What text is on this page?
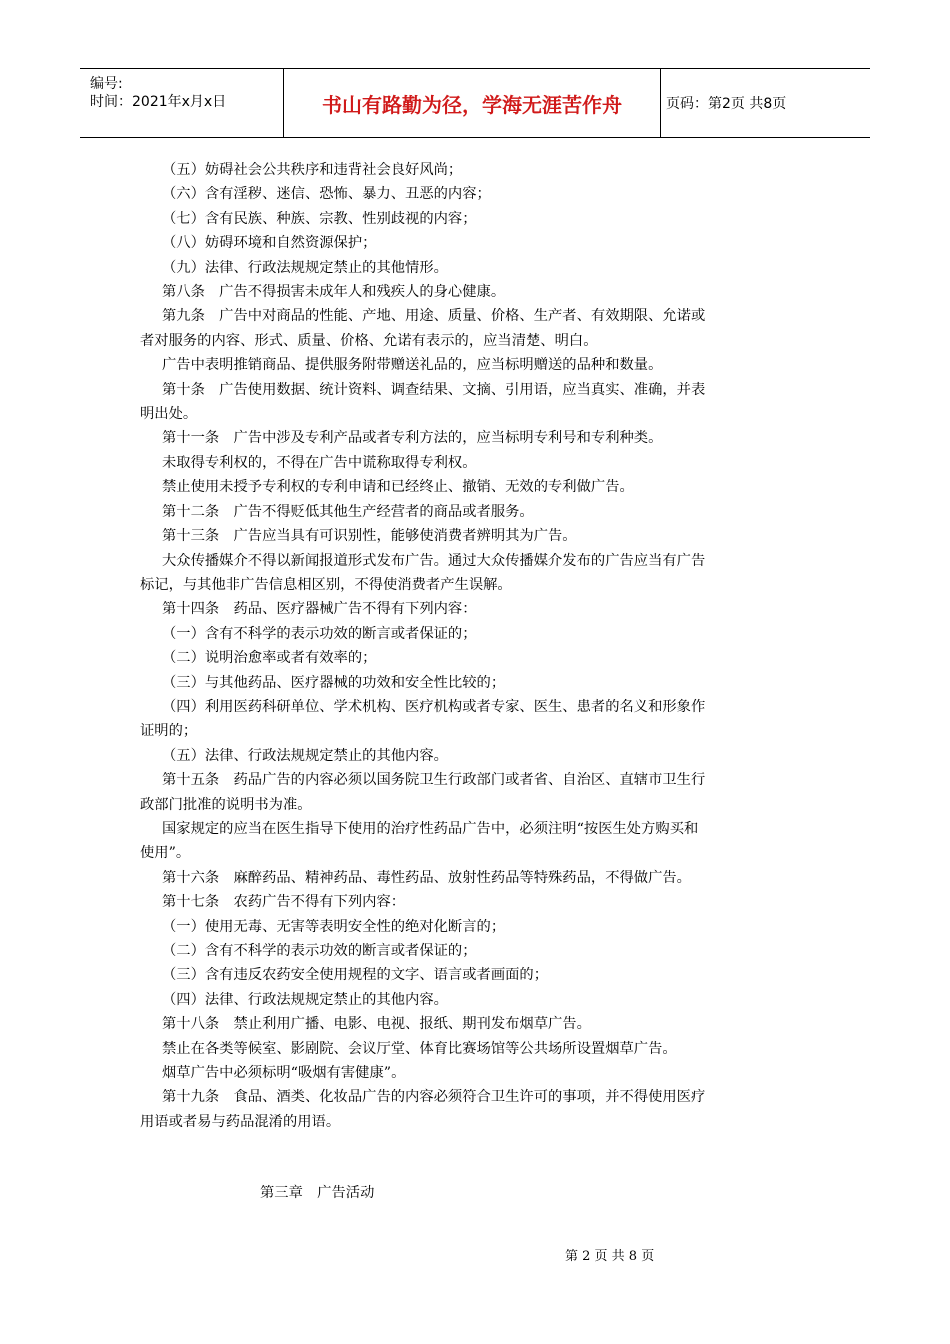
编号:
时间：2021年x月x日	书山有路勤为径，学海无涯苦作舟	页码：第2页 共8页
（五）妨碍社会公共秩序和违背社会良好风尚；
（六）含有淫秽、迷信、恐怖、暴力、丑恶的内容；
（七）含有民族、种族、宗教、性别歧视的内容；
（八）妨碍环境和自然资源保护；
（九）法律、行政法规规定禁止的其他情形。
第八条　广告不得损害未成年人和残疾人的身心健康。
第九条　广告中对商品的性能、产地、用途、质量、价格、生产者、有效期限、允诺或
者对服务的内容、形式、质量、价格、允诺有表示的，应当清楚、明白。
广告中表明推销商品、提供服务附带赠送礼品的，应当标明赠送的品种和数量。
第十条　广告使用数据、统计资料、调查结果、文摘、引用语，应当真实、准确，并表
明出处。
第十一条　广告中涉及专利产品或者专利方法的，应当标明专利号和专利种类。
未取得专利权的，不得在广告中谎称取得专利权。
禁止使用未授予专利权的专利申请和已经终止、撤销、无效的专利做广告。
第十二条　广告不得贬低其他生产经营者的商品或者服务。
第十三条　广告应当具有可识别性，能够使消费者辨明其为广告。
大众传播媒介不得以新闻报道形式发布广告。通过大众传播媒介发布的广告应当有广告
标记，与其他非广告信息相区别，不得使消费者产生误解。
第十四条　药品、医疗器械广告不得有下列内容：
（一）含有不科学的表示功效的断言或者保证的；
（二）说明治愈率或者有效率的；
（三）与其他药品、医疗器械的功效和安全性比较的；
（四）利用医药科研单位、学术机构、医疗机构或者专家、医生、患者的名义和形象作
证明的；
（五）法律、行政法规规定禁止的其他内容。
第十五条　药品广告的内容必须以国务院卫生行政部门或者省、自治区、直辖市卫生行
政部门批准的说明书为准。
国家规定的应当在医生指导下使用的治疗性药品广告中，必须注明“按医生处方购买和
使用”。
第十六条　麻醉药品、精神药品、毒性药品、放射性药品等特殊药品，不得做广告。
第十七条　农药广告不得有下列内容：
（一）使用无毒、无害等表明安全性的绝对化断言的；
（二）含有不科学的表示功效的断言或者保证的；
（三）含有违反农药安全使用规程的文字、语言或者画面的；
（四）法律、行政法规规定禁止的其他内容。
第十八条　禁止利用广播、电影、电视、报纸、期刊发布烟草广告。
禁止在各类等候室、影剧院、会议厅堂、体育比赛场馆等公共场所设置烟草广告。
烟草广告中必须标明“吸烟有害健康”。
第十九条　食品、酒类、化妆品广告的内容必须符合卫生许可的事项，并不得使用医疗
用语或者易与药品混淆的用语。
第三章　广告活动
第 2 页 共 8 页
